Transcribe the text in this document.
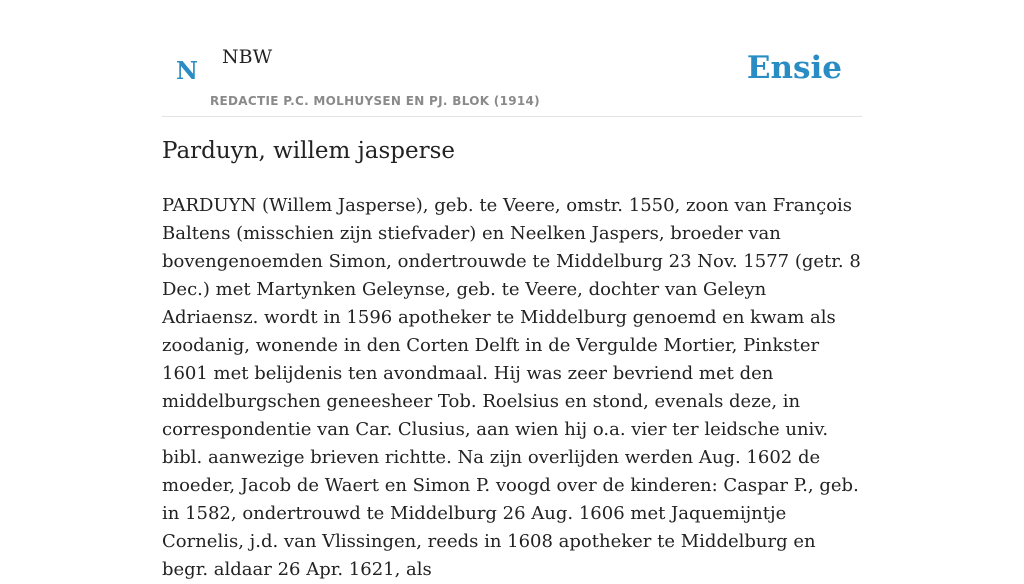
N NBW
REDACTIE P.C. MOLHUYSEN EN PJ. BLOK (1914)
Ensie
Parduyn, willem jasperse

PARDUYN (Willem Jasperse), geb. te Veere, omstr. 1550, zoon van François Baltens (misschien zijn stiefvader) en Neelken Jaspers, broeder van bovengenoemden Simon, ondertrouwde te Middelburg 23 Nov. 1577 (getr. 8 Dec.) met Martynken Geleynse, geb. te Veere, dochter van Geleyn Adriaensz. wordt in 1596 apotheker te Middelburg genoemd en kwam als zoodanig, wonende in den Corten Delft in de Vergulde Mortier, Pinkster 1601 met belijdenis ten avondmaal. Hij was zeer bevriend met den middelburgschen geneesheer Tob. Roelsius en stond, evenals deze, in correspondentie van Car. Clusius, aan wien hij o.a. vier ter leidsche univ. bibl. aanwezige brieven richtte. Na zijn overlijden werden Aug. 1602 de moeder, Jacob de Waert en Simon P. voogd over de kinderen: Caspar P., geb. in 1582, ondertrouwd te Middelburg 26 Aug. 1606 met Jaquemijntje Cornelis, j.d. van Vlissingen, reeds in 1608 apotheker te Middelburg en begr. aldaar 26 Apr. 1621, als
